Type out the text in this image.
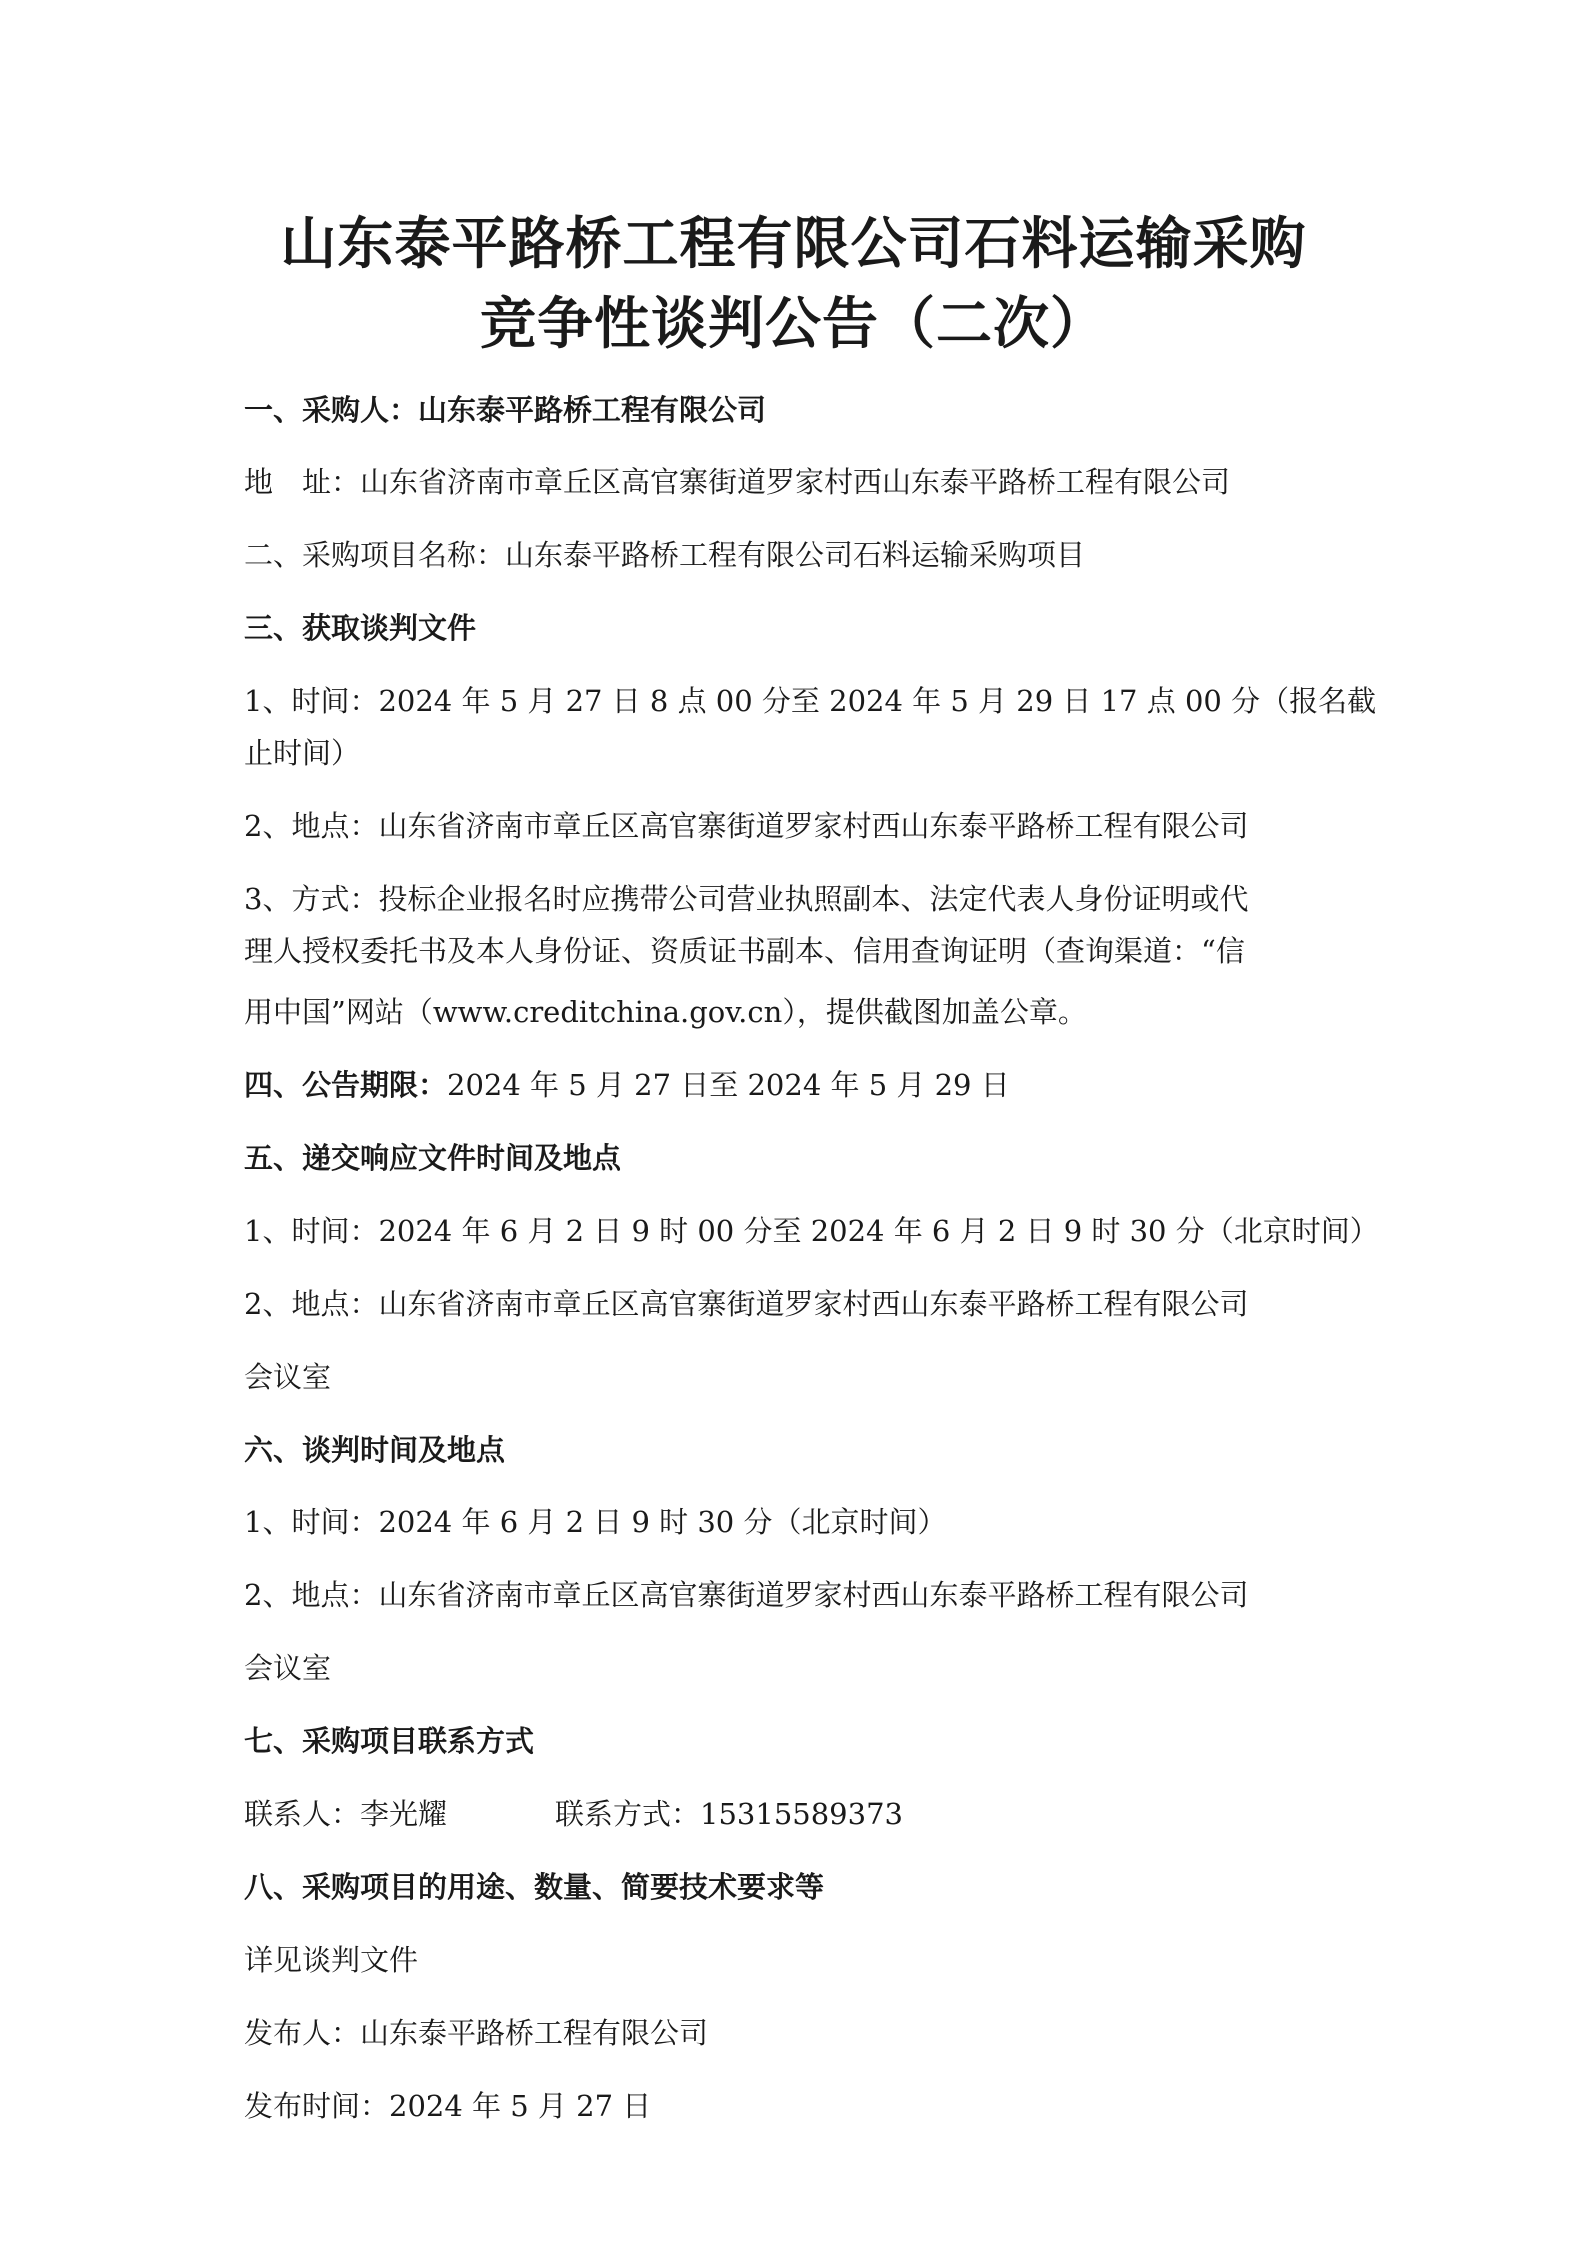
山东泰平路桥工程有限公司石料运输采购
竞争性谈判公告（二次）
一、采购人：山东泰平路桥工程有限公司
地　址：山东省济南市章丘区高官寨街道罗家村西山东泰平路桥工程有限公司
二、采购项目名称：山东泰平路桥工程有限公司石料运输采购项目
三、获取谈判文件
1、时间：2024 年 5 月 27 日 8 点 00 分至 2024 年 5 月 29 日 17 点 00 分（报名截
止时间）
2、地点：山东省济南市章丘区高官寨街道罗家村西山东泰平路桥工程有限公司
3、方式：投标企业报名时应携带公司营业执照副本、法定代表人身份证明或代
理人授权委托书及本人身份证、资质证书副本、信用查询证明（查询渠道：“信
用中国”网站（www.creditchina.gov.cn），提供截图加盖公章。
四、公告期限：2024 年 5 月 27 日至 2024 年 5 月 29 日
五、递交响应文件时间及地点
1、时间：2024 年 6 月 2 日 9 时 00 分至 2024 年 6 月 2 日 9 时 30 分（北京时间）
2、地点：山东省济南市章丘区高官寨街道罗家村西山东泰平路桥工程有限公司
会议室
六、谈判时间及地点
1、时间：2024 年 6 月 2 日 9 时 30 分（北京时间）
2、地点：山东省济南市章丘区高官寨街道罗家村西山东泰平路桥工程有限公司
会议室
七、采购项目联系方式
联系人：李光耀	联系方式：15315589373
八、采购项目的用途、数量、简要技术要求等
详见谈判文件
发布人：山东泰平路桥工程有限公司
发布时间：2024 年 5 月 27 日
